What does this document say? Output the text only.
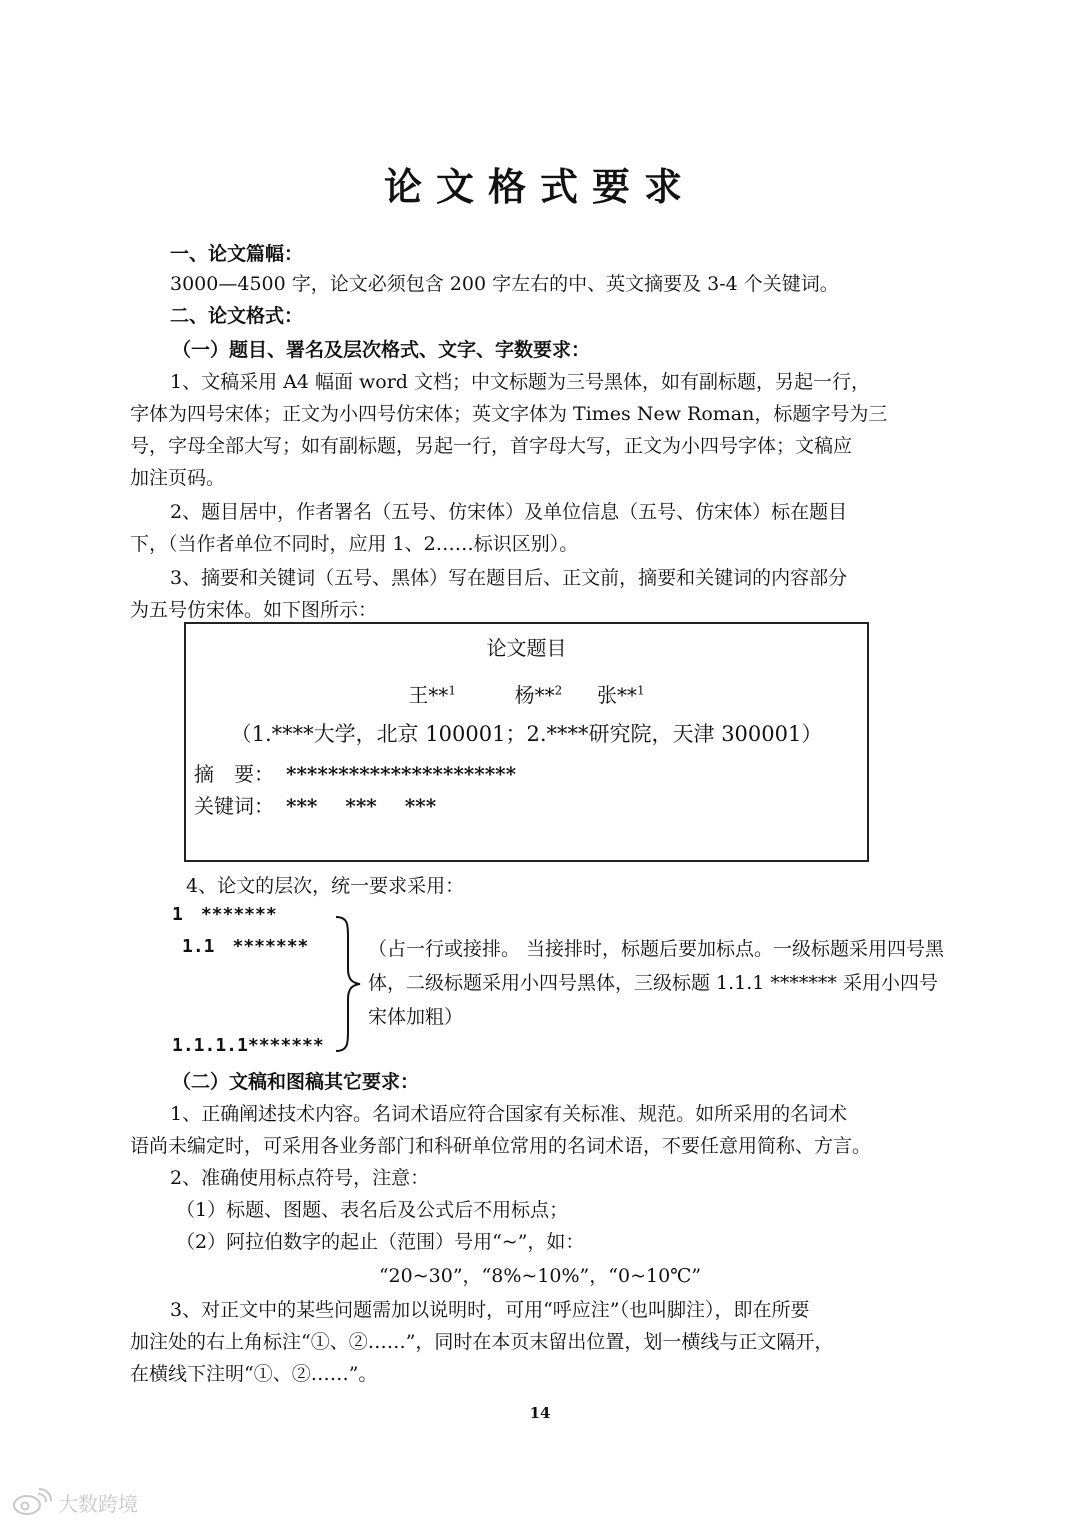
论文格式要求
一、论文篇幅：
3000—4500 字，论文必须包含 200 字左右的中、英文摘要及 3-4 个关键词。
二、论文格式：
（一）题目、署名及层次格式、文字、字数要求：
1、文稿采用 A4 幅面 word 文档；中文标题为三号黑体，如有副标题，另起一行，
字体为四号宋体；正文为小四号仿宋体；英文字体为 Times New Roman，标题字号为三
号，字母全部大写；如有副标题，另起一行，首字母大写，正文为小四号字体；文稿应
加注页码。
2、题目居中，作者署名（五号、仿宋体）及单位信息（五号、仿宋体）标在题目
下，（当作者单位不同时，应用 1、2……标识区别）。
3、摘要和关键词（五号、黑体）写在题目后、正文前，摘要和关键词的内容部分
为五号仿宋体。如下图所示：
论文题目
王**$^1$	杨**$^2$ 张**$^1$
（1.****大学，北京 100001；2.****研究院，天津 300001）
摘　要： **********************
关键词： *** *** ***
4、论文的层次，统一要求采用：
1　*******
1.1　*******
1.1.1.1*******
（占一行或接排。 当接排时，标题后要加标点。一级标题采用四号黑体，二级标题采用小四号黑体，三级标题 1.1.1 ******* 采用小四号宋体加粗）
（二）文稿和图稿其它要求：
1、正确阐述技术内容。名词术语应符合国家有关标准、规范。如所采用的名词术
语尚未编定时，可采用各业务部门和科研单位常用的名词术语，不要任意用简称、方言。
2、准确使用标点符号，注意：
（1）标题、图题、表名后及公式后不用标点；
（2）阿拉伯数字的起止（范围）号用“~”，如：
“20~30”，“8%~10%”，“0~10℃”
3、对正文中的某些问题需加以说明时，可用“呼应注”（也叫脚注），即在所要
加注处的右上角标注“①、②……”，同时在本页末留出位置，划一横线与正文隔开，
在横线下注明“①、②……”。
14
大数跨境
